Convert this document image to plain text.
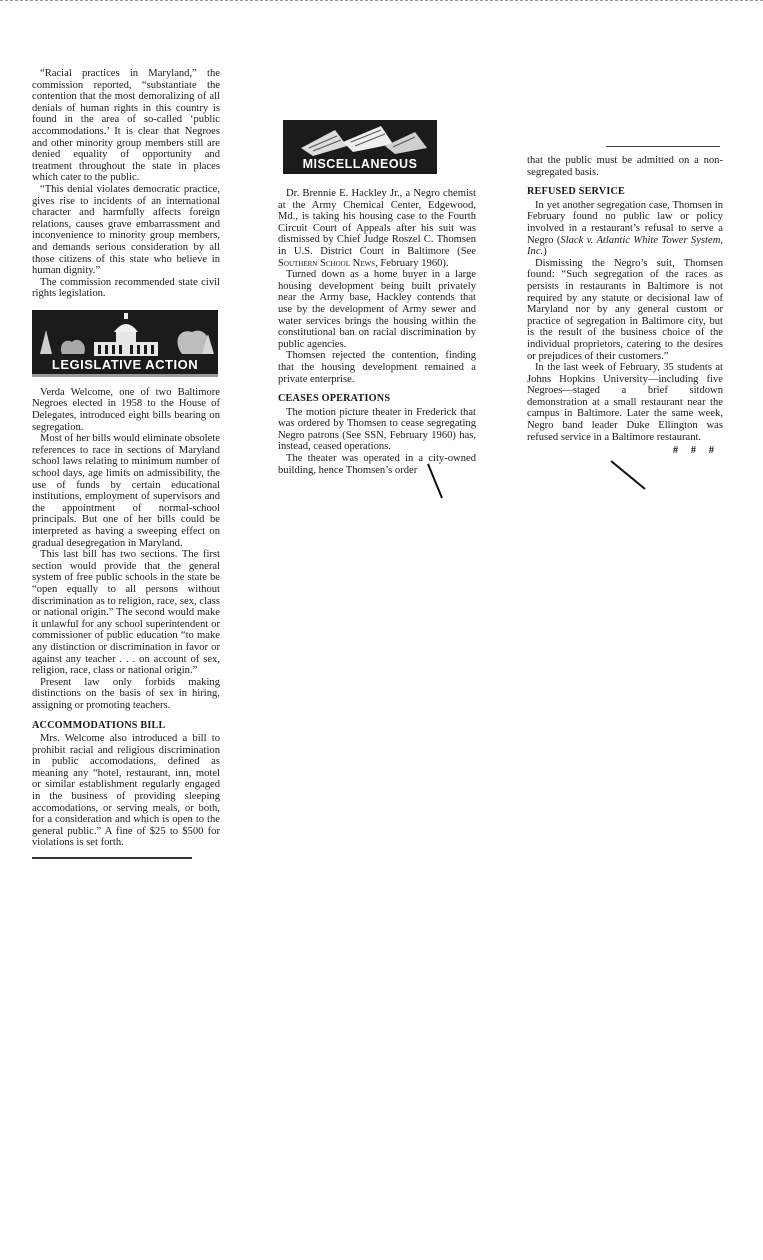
“Racial practices in Maryland,” the commission reported, “substantiate the contention that the most demoralizing of all denials of human rights in this country is found in the area of so-called ‘public accommodations.’ It is clear that Negroes and other minority group members still are denied equality of opportunity and treatment throughout the state in places which cater to the public.

“This denial violates democratic practice, gives rise to incidents of an international character and harmfully affects foreign relations, causes grave embarrassment and inconvenience to minority group members, and demands serious consideration by all those citizens of this state who believe in human dignity.”

The commission recommended state civil rights legislation.

LEGISLATIVE ACTION

Verda Welcome, one of two Baltimore Negroes elected in 1958 to the House of Delegates, introduced eight bills bearing on segregation.

Most of her bills would eliminate obsolete references to race in sections of Maryland school laws relating to minimum number of school days, age limits on admissibility, the use of funds by certain educational institutions, employment of supervisors and the appointment of normal-school principals. But one of her bills could be interpreted as having a sweeping effect on gradual desegregation in Maryland.

This last bill has two sections. The first section would provide that the general system of free public schools in the state be “open equally to all persons without discrimination as to religion, race, sex, class or national origin.” The second would make it unlawful for any school superintendent or commissioner of public education “to make any distinction or discrimination in favor or against any teacher . . . on account of sex, religion, race, class or national origin.”

Present law only forbids making distinctions on the basis of sex in hiring, assigning or promoting teachers.

ACCOMMODATIONS BILL

Mrs. Welcome also introduced a bill to prohibit racial and religious discrimination in public accomodations, defined as meaning any “hotel, restaurant, inn, motel or similar establishment regularly engaged in the business of providing sleeping accomodations, or serving meals, or both, for a consideration and which is open to the general public.” A fine of $25 to $500 for violations is set forth.

MISCELLANEOUS

Dr. Brennie E. Hackley Jr., a Negro chemist at the Army Chemical Center, Edgewood, Md., is taking his housing case to the Fourth Circuit Court of Appeals after his suit was dismissed by Chief Judge Roszel C. Thomsen in U.S. District Court in Baltimore (See Southern School News, February 1960).

Turned down as a home buyer in a large housing development being built privately near the Army base, Hackley contends that use by the development of Army sewer and water services brings the housing within the constitutional ban on racial discrimination by public agencies.

Thomsen rejected the contention, finding that the housing development remained a private enterprise.

CEASES OPERATIONS

The motion picture theater in Frederick that was ordered by Thomsen to cease segregating Negro patrons (See SSN, February 1960) has, instead, ceased operations.

The theater was operated in a city-owned building, hence Thomsen’s order

that the public must be admitted on a non-segregated basis.

REFUSED SERVICE

In yet another segregation case, Thomsen in February found no public law or policy involved in a restaurant’s refusal to serve a Negro (Slack v. Atlantic White Tower System, Inc.)

Dismissing the Negro’s suit, Thomsen found: “Such segregation of the races as persists in restaurants in Baltimore is not required by any statute or decisional law of Maryland nor by any general custom or practice of segregation in Baltimore city, but is the result of the business choice of the individual proprietors, catering to the desires or prejudices of their customers.”

In the last week of February, 35 students at Johns Hopkins University—including five Negroes—staged a brief sitdown demonstration at a small restaurant near the campus in Baltimore. Later the same week, Negro band leader Duke Ellington was refused service in a Baltimore restaurant.

# # #
